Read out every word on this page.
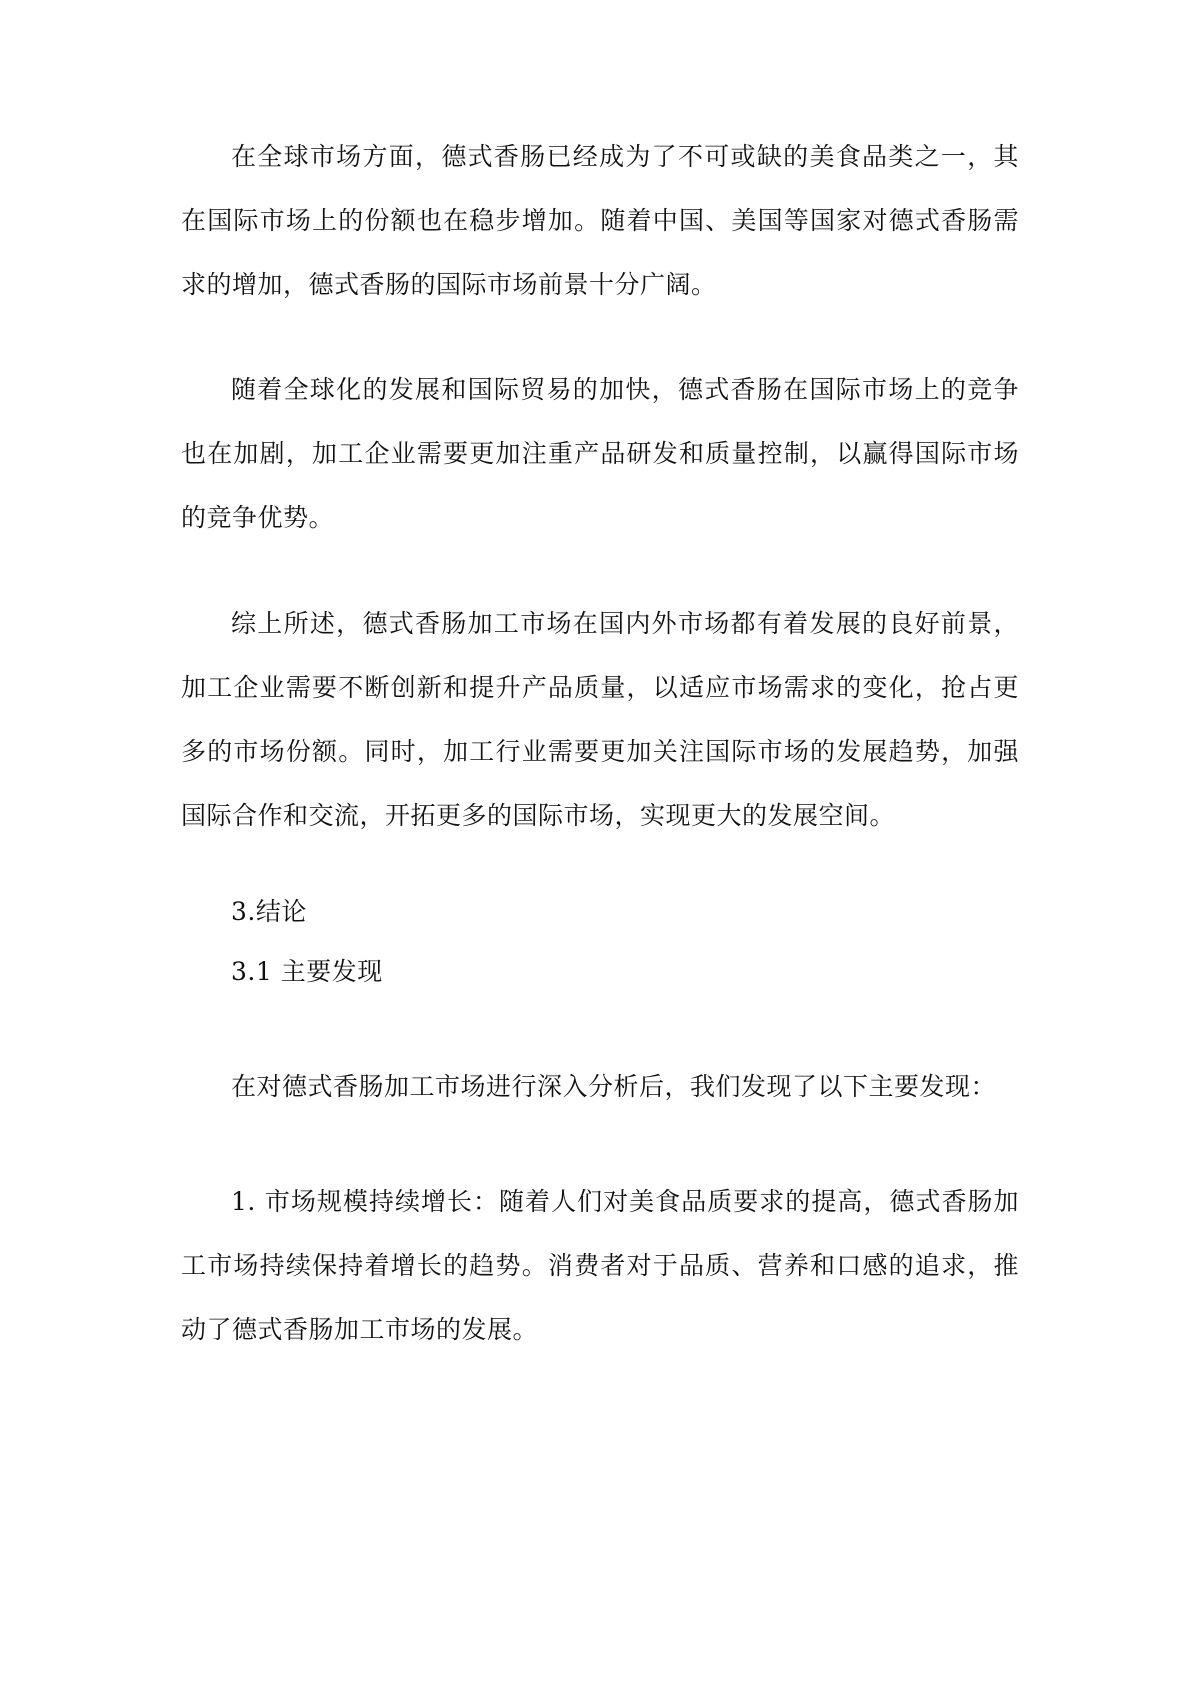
在全球市场方面，德式香肠已经成为了不可或缺的美食品类之一，其在国际市场上的份额也在稳步增加。随着中国、美国等国家对德式香肠需求的增加，德式香肠的国际市场前景十分广阔。

随着全球化的发展和国际贸易的加快，德式香肠在国际市场上的竞争也在加剧，加工企业需要更加注重产品研发和质量控制，以赢得国际市场的竞争优势。

综上所述，德式香肠加工市场在国内外市场都有着发展的良好前景，加工企业需要不断创新和提升产品质量，以适应市场需求的变化，抢占更多的市场份额。同时，加工行业需要更加关注国际市场的发展趋势，加强国际合作和交流，开拓更多的国际市场，实现更大的发展空间。

3.结论

3.1 主要发现

在对德式香肠加工市场进行深入分析后，我们发现了以下主要发现：

1. 市场规模持续增长：随着人们对美食品质要求的提高，德式香肠加工市场持续保持着增长的趋势。消费者对于品质、营养和口感的追求，推动了德式香肠加工市场的发展。
